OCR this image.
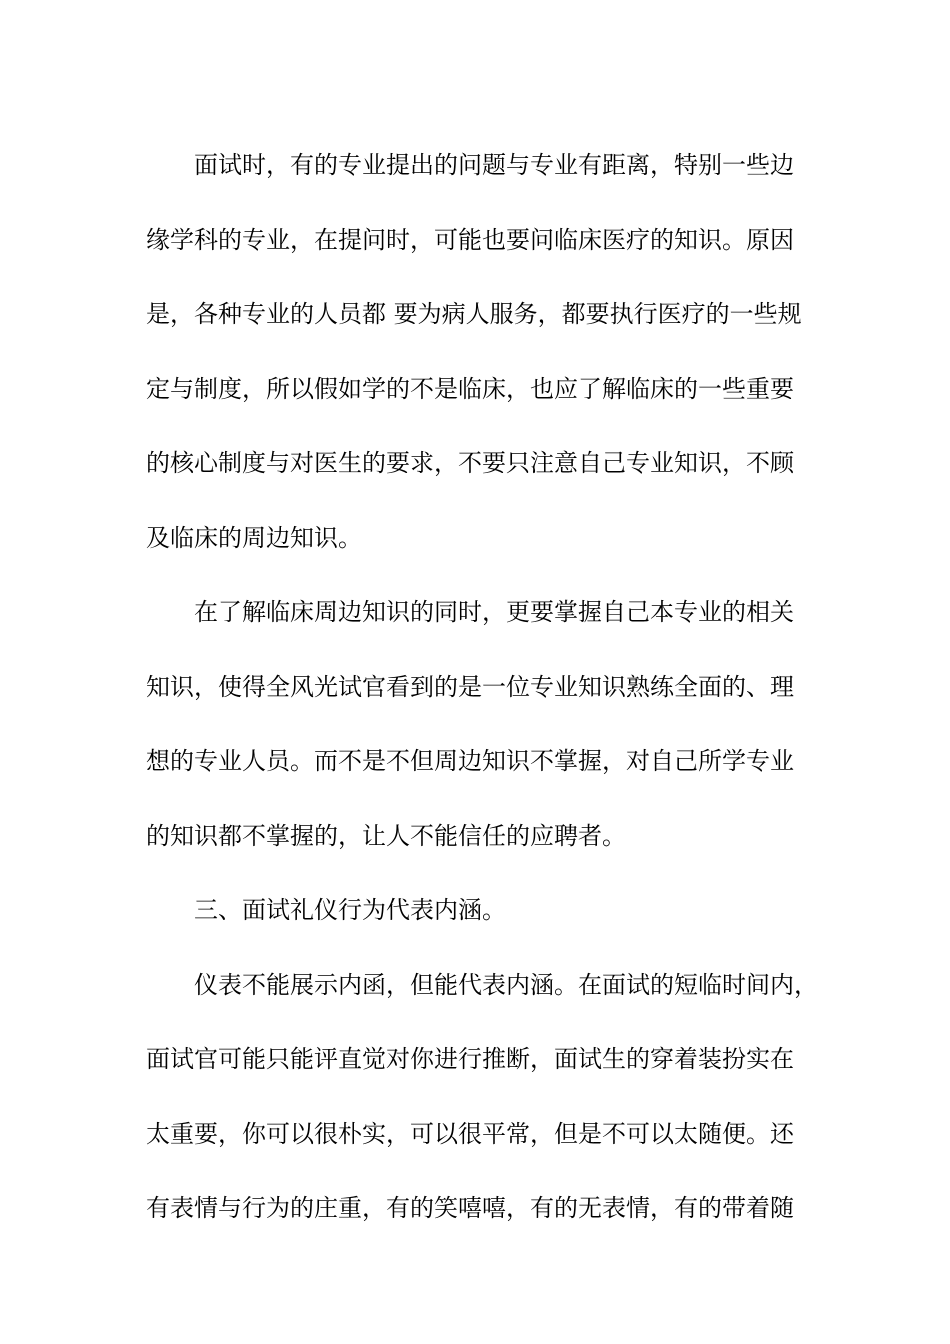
面试时，有的专业提出的问题与专业有距离，特别一些边
缘学科的专业，在提问时，可能也要问临床医疗的知识。原因
是，各种专业的人员都 要为病人服务，都要执行医疗的一些规
定与制度，所以假如学的不是临床，也应了解临床的一些重要
的核心制度与对医生的要求，不要只注意自己专业知识，不顾
及临床的周边知识。
在了解临床周边知识的同时，更要掌握自己本专业的相关
知识，使得全风光试官看到的是一位专业知识熟练全面的、理
想的专业人员。而不是不但周边知识不掌握，对自己所学专业
的知识都不掌握的，让人不能信任的应聘者。
三、面试礼仪行为代表内涵。
仪表不能展示内函，但能代表内涵。在面试的短临时间内，
面试官可能只能评直觉对你进行推断，面试生的穿着装扮实在
太重要，你可以很朴实，可以很平常，但是不可以太随便。还
有表情与行为的庄重，有的笑嘻嘻，有的无表情，有的带着随
